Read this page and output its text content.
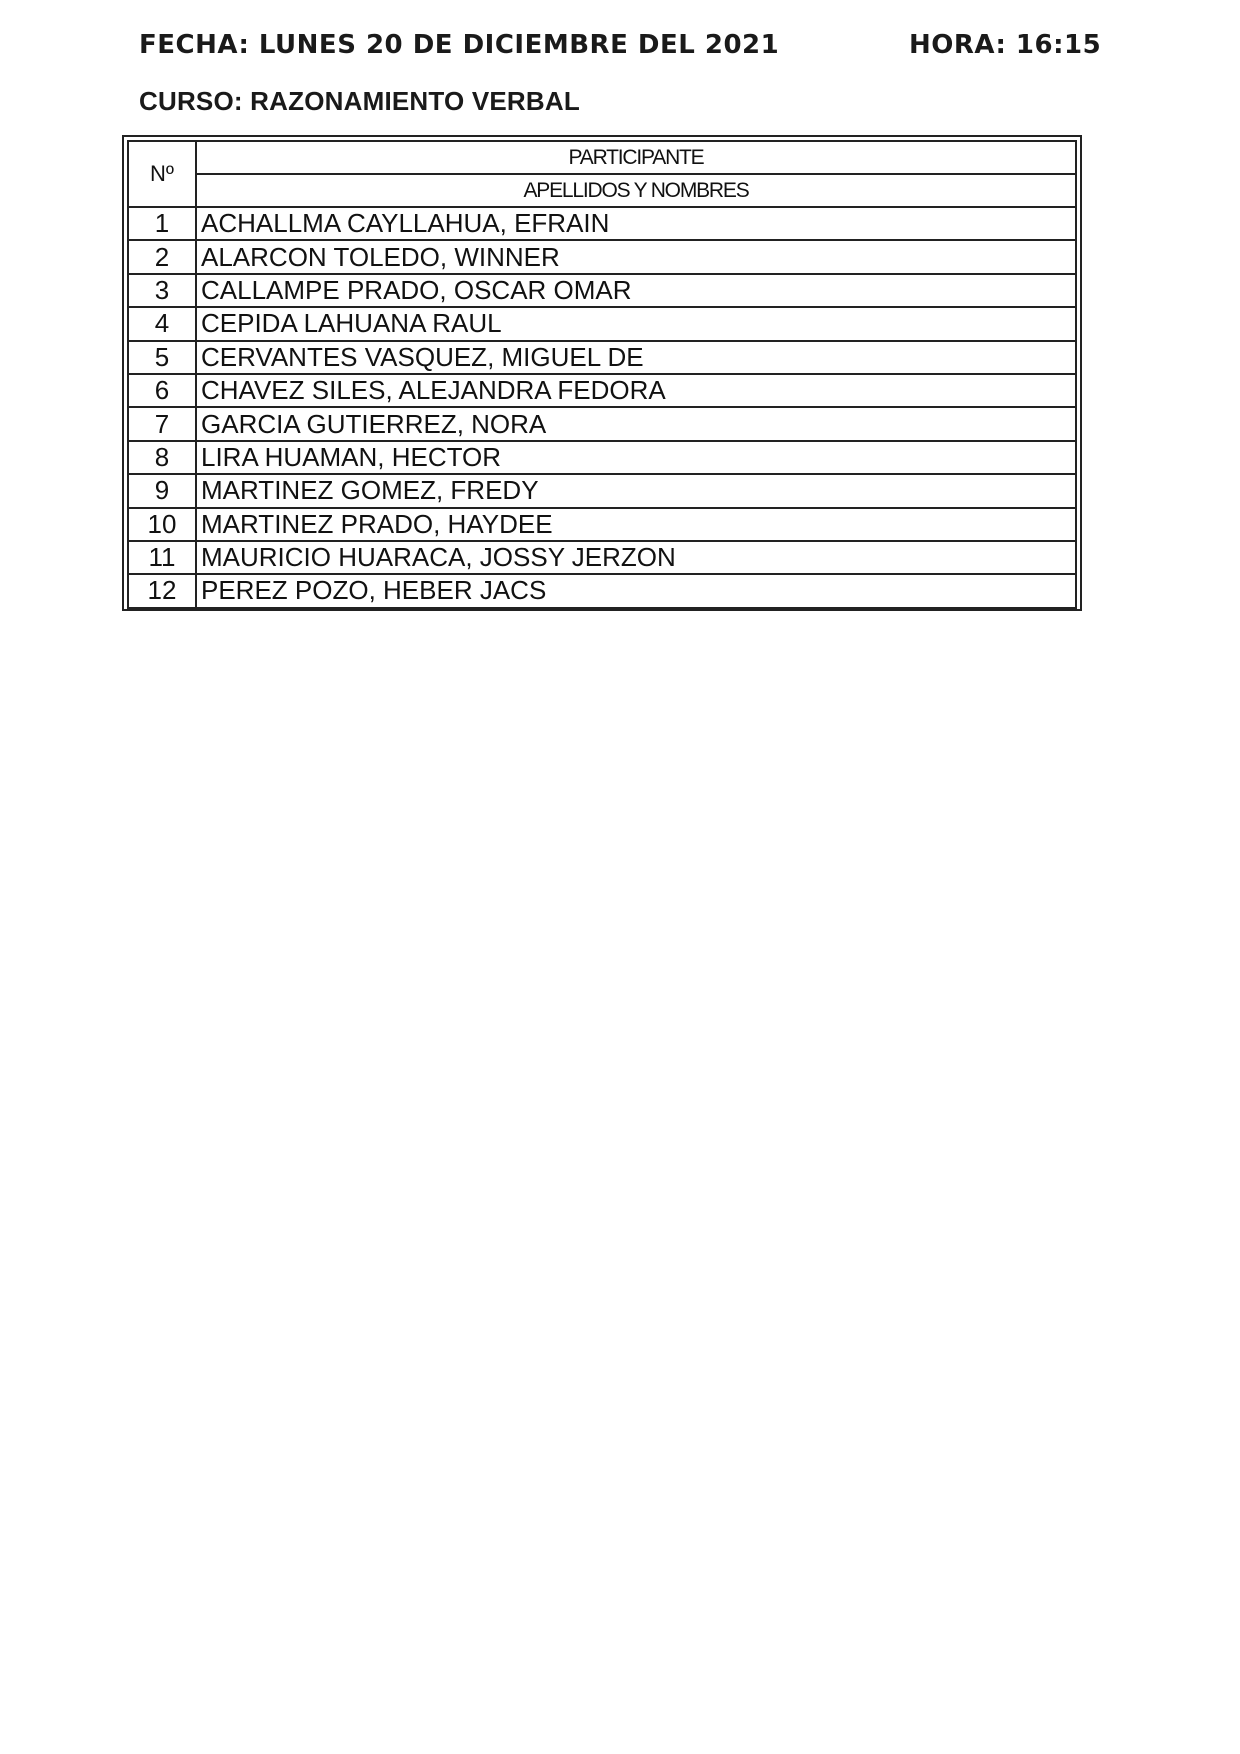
FECHA: LUNES 20 DE DICIEMBRE DEL 2021	HORA: 16:15
CURSO: RAZONAMIENTO VERBAL
Nº	PARTICIPANTE
	APELLIDOS Y NOMBRES
1	ACHALLMA CAYLLAHUA, EFRAIN
2	ALARCON TOLEDO, WINNER
3	CALLAMPE PRADO, OSCAR OMAR
4	CEPIDA LAHUANA RAUL
5	CERVANTES VASQUEZ, MIGUEL DE
6	CHAVEZ SILES, ALEJANDRA FEDORA
7	GARCIA GUTIERREZ, NORA
8	LIRA HUAMAN, HECTOR
9	MARTINEZ GOMEZ, FREDY
10	MARTINEZ PRADO, HAYDEE
11	MAURICIO HUARACA, JOSSY JERZON
12	PEREZ POZO, HEBER JACS
